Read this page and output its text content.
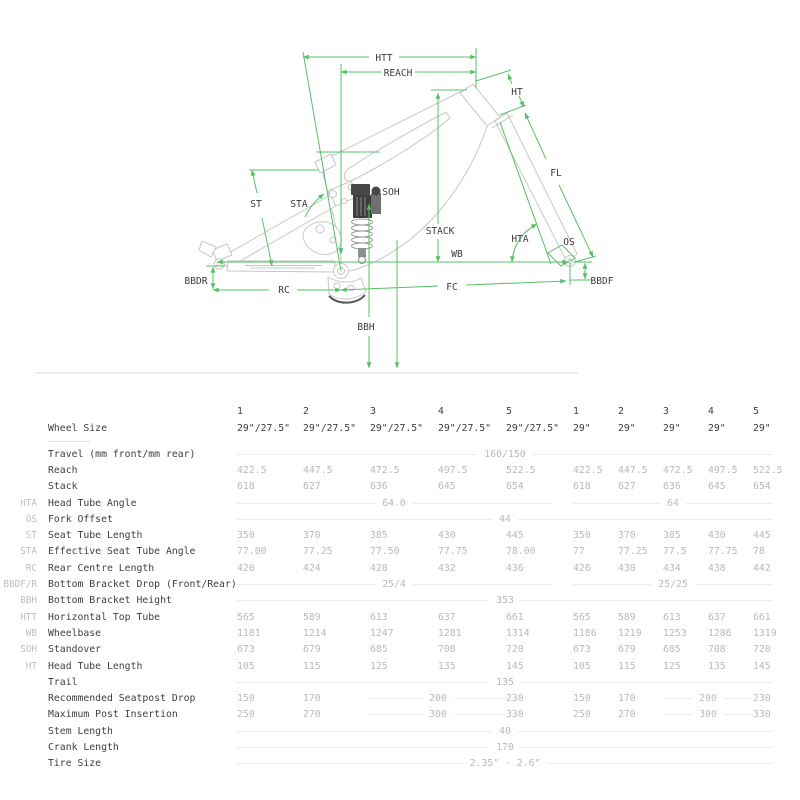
HTT
REACH
HT
FL
SOH
ST	STA
STACK
HTA	OS
WB
BBDR	BBDF
RC	FC
BBH
1	2	3	4	5	1	2	3	4	5
Wheel Size	29"/27.5"	29"/27.5"	29"/27.5"	29"/27.5"	29"/27.5"	29"	29"	29"	29"	29"
Travel (mm front/mm rear)	160/150
Reach	422.5	447.5	472.5	497.5	522.5	422.5	447.5	472.5	497.5	522.5
Stack	618	627	636	645	654	618	627	636	645	654
HTA	Head Tube Angle	64.0	64
OS	Fork Offset	44
ST	Seat Tube Length	350	370	385	430	445	350	370	385	430	445
STA	Effective Seat Tube Angle	77.00	77.25	77.50	77.75	78.00	77	77.25	77.5	77.75	78
RC	Rear Centre Length	420	424	428	432	436	426	430	434	438	442
BBDF/R	Bottom Bracket Drop (Front/Rear)	25/4	25/25
BBH	Bottom Bracket Height	353
HTT	Horizontal Top Tube	565	589	613	637	661	565	589	613	637	661
WB	Wheelbase	1181	1214	1247	1281	1314	1186	1219	1253	1286	1319
SOH	Standover	673	679	685	708	720	673	679	685	708	720
HT	Head Tube Length	105	115	125	135	145	105	115	125	135	145
Trail	135
Recommended Seatpost Drop	150	170	200	230	150	170	200	230
Maximum Post Insertion	250	270	300	330	250	270	300	330
Stem Length	40
Crank Length	170
Tire Size	2.35" - 2.6"
